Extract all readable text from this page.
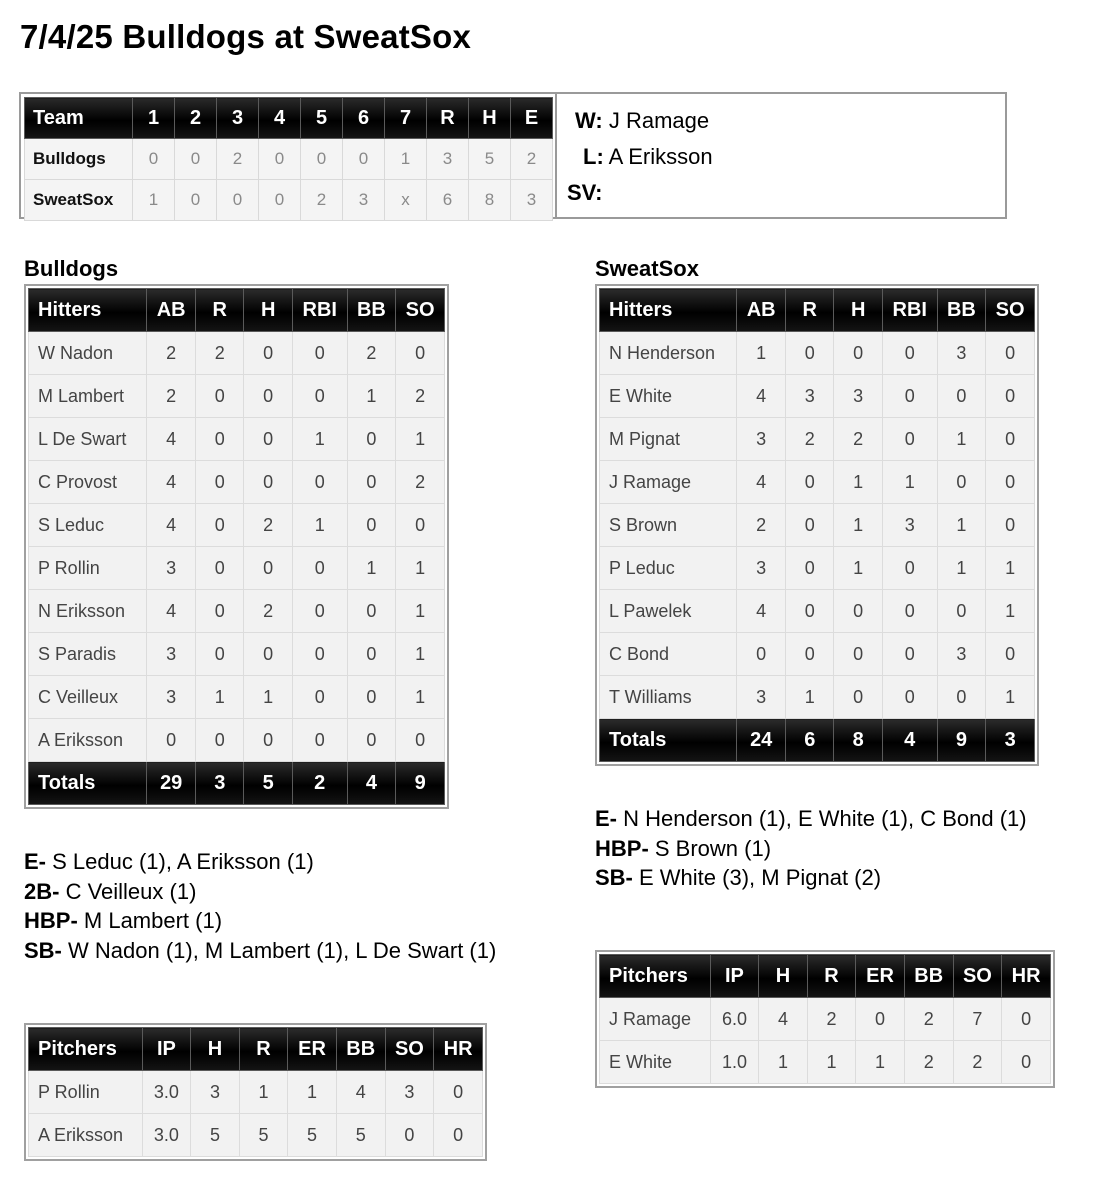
7/4/25 Bulldogs at SweatSox
Team	1	2	3	4	5	6	7	R	H	E
Bulldogs	0	0	2	0	0	0	1	3	5	2
SweatSox	1	0	0	0	2	3	x	6	8	3
W: J Ramage
L: A Eriksson
SV:
Bulldogs
Hitters	AB	R	H	RBI	BB	SO
W Nadon	2	2	0	0	2	0
M Lambert	2	0	0	0	1	2
L De Swart	4	0	0	1	0	1
C Provost	4	0	0	0	0	2
S Leduc	4	0	2	1	0	0
P Rollin	3	0	0	0	1	1
N Eriksson	4	0	2	0	0	1
S Paradis	3	0	0	0	0	1
C Veilleux	3	1	1	0	0	1
A Eriksson	0	0	0	0	0	0
Totals	29	3	5	2	4	9
E- S Leduc (1), A Eriksson (1)
2B- C Veilleux (1)
HBP- M Lambert (1)
SB- W Nadon (1), M Lambert (1), L De Swart (1)
Pitchers	IP	H	R	ER	BB	SO	HR
P Rollin	3.0	3	1	1	4	3	0
A Eriksson	3.0	5	5	5	5	0	0
SweatSox
Hitters	AB	R	H	RBI	BB	SO
N Henderson	1	0	0	0	3	0
E White	4	3	3	0	0	0
M Pignat	3	2	2	0	1	0
J Ramage	4	0	1	1	0	0
S Brown	2	0	1	3	1	0
P Leduc	3	0	1	0	1	1
L Pawelek	4	0	0	0	0	1
C Bond	0	0	0	0	3	0
T Williams	3	1	0	0	0	1
Totals	24	6	8	4	9	3
E- N Henderson (1), E White (1), C Bond (1)
HBP- S Brown (1)
SB- E White (3), M Pignat (2)
Pitchers	IP	H	R	ER	BB	SO	HR
J Ramage	6.0	4	2	0	2	7	0
E White	1.0	1	1	1	2	2	0
